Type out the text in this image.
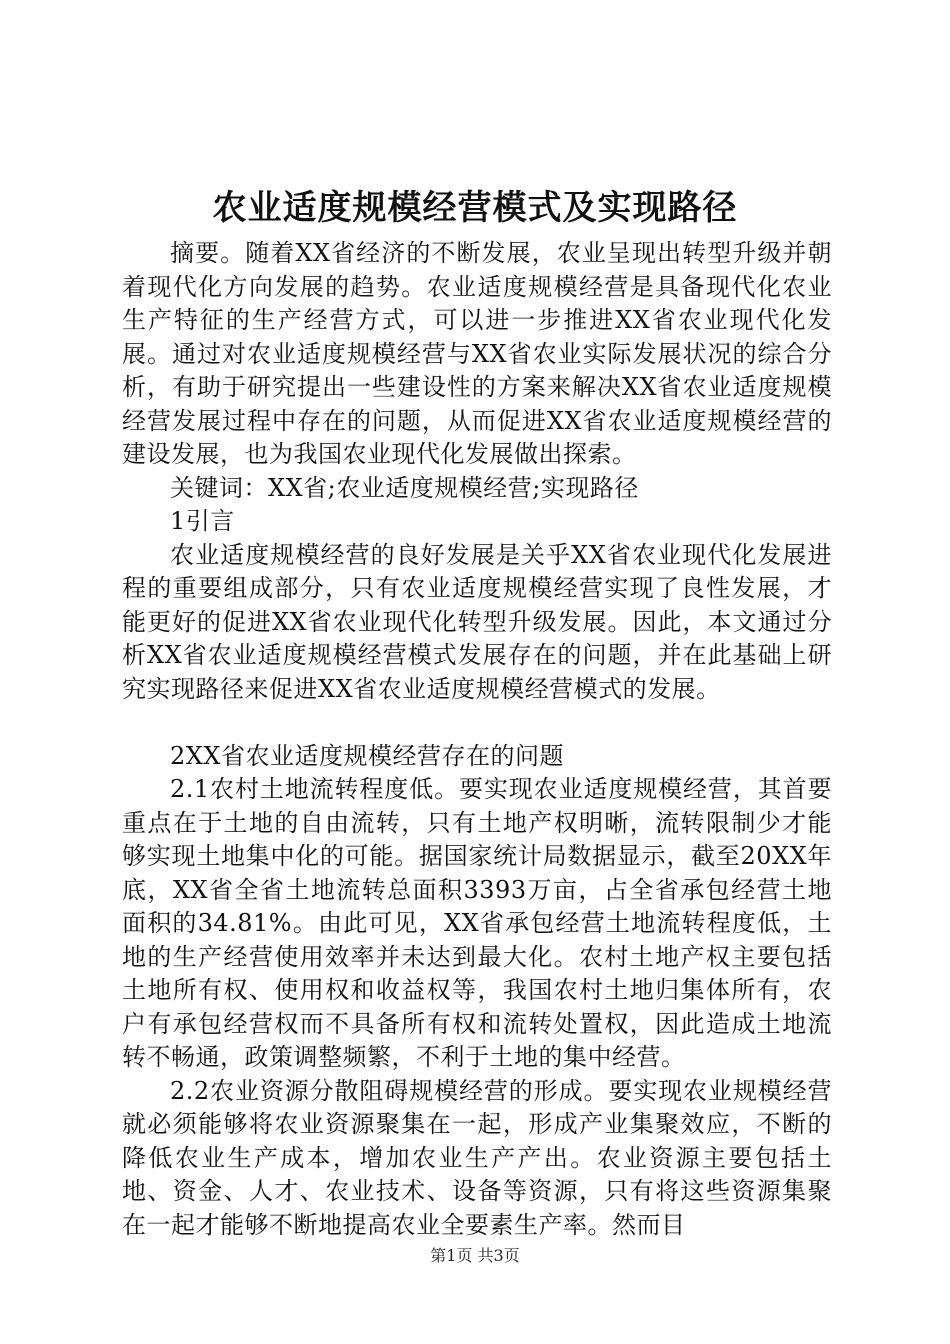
农业适度规模经营模式及实现路径

摘要。随着XX省经济的不断发展，农业呈现出转型升级并朝着现代化方向发展的趋势。农业适度规模经营是具备现代化农业生产特征的生产经营方式，可以进一步推进XX省农业现代化发展。通过对农业适度规模经营与XX省农业实际发展状况的综合分析，有助于研究提出一些建设性的方案来解决XX省农业适度规模经营发展过程中存在的问题，从而促进XX省农业适度规模经营的建设发展，也为我国农业现代化发展做出探索。

关键词：XX省;农业适度规模经营;实现路径

1引言

农业适度规模经营的良好发展是关乎XX省农业现代化发展进程的重要组成部分，只有农业适度规模经营实现了良性发展，才能更好的促进XX省农业现代化转型升级发展。因此，本文通过分析XX省农业适度规模经营模式发展存在的问题，并在此基础上研究实现路径来促进XX省农业适度规模经营模式的发展。

2XX省农业适度规模经营存在的问题

2.1农村土地流转程度低。要实现农业适度规模经营，其首要重点在于土地的自由流转，只有土地产权明晰，流转限制少才能够实现土地集中化的可能。据国家统计局数据显示，截至20XX年底，XX省全省土地流转总面积3393万亩，占全省承包经营土地面积的34.81%。由此可见，XX省承包经营土地流转程度低，土地的生产经营使用效率并未达到最大化。农村土地产权主要包括土地所有权、使用权和收益权等，我国农村土地归集体所有，农户有承包经营权而不具备所有权和流转处置权，因此造成土地流转不畅通，政策调整频繁，不利于土地的集中经营。

2.2农业资源分散阻碍规模经营的形成。要实现农业规模经营就必须能够将农业资源聚集在一起，形成产业集聚效应，不断的降低农业生产成本，增加农业生产产出。农业资源主要包括土地、资金、人才、农业技术、设备等资源，只有将这些资源集聚在一起才能够不断地提高农业全要素生产率。然而目

第1页 共3页
